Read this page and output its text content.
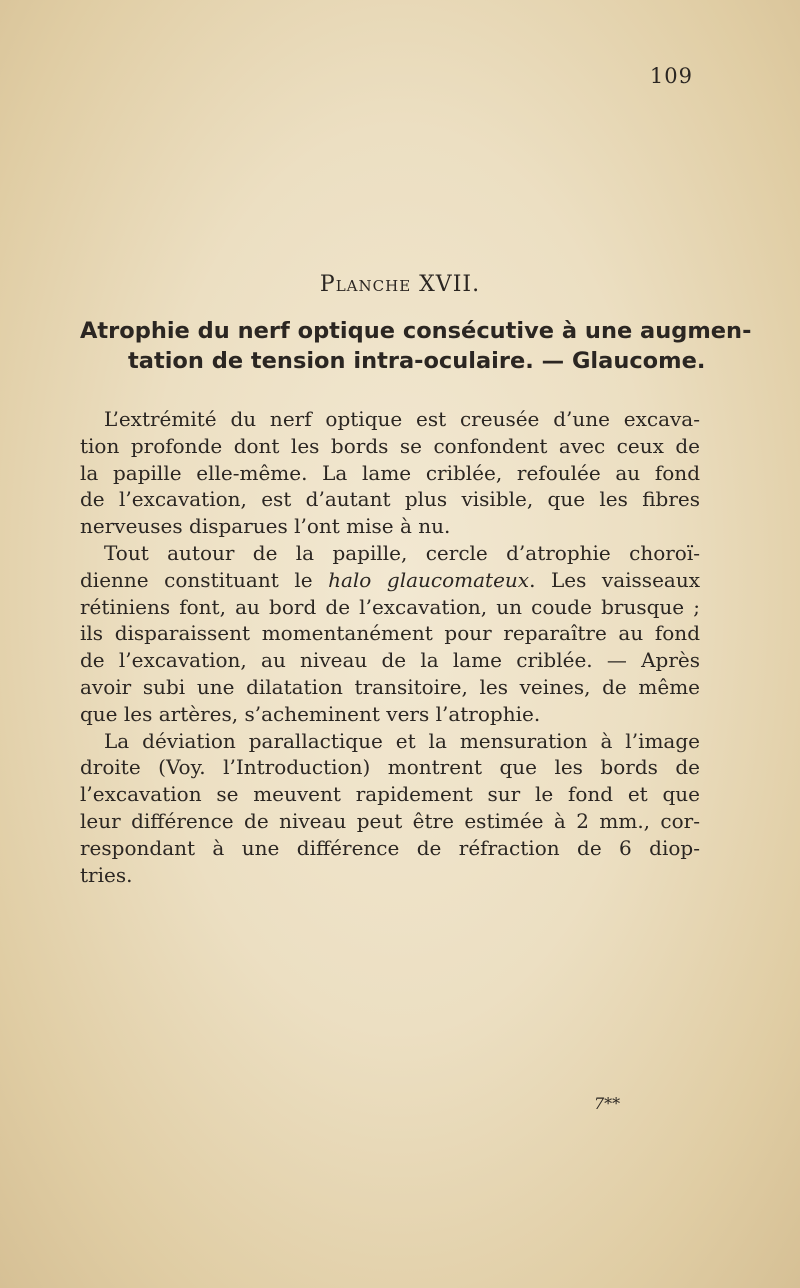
109
Planche XVII.
Atrophie du nerf optique consécutive à une augmen-
tation de tension intra-oculaire. — Glaucome.
L’extrémité du nerf optique est creusée d’une excava-
tion profonde dont les bords se confondent avec ceux de
la papille elle-même. La lame criblée, refoulée au fond
de l’excavation, est d’autant plus visible, que les fibres
nerveuses disparues l’ont mise à nu.
Tout autour de la papille, cercle d’atrophie choroï-
dienne constituant le halo glaucomateux. Les vaisseaux
rétiniens font, au bord de l’excavation, un coude brusque ;
ils disparaissent momentanément pour reparaître au fond
de l’excavation, au niveau de la lame criblée. — Après
avoir subi une dilatation transitoire, les veines, de même
que les artères, s’acheminent vers l’atrophie.
La déviation parallactique et la mensuration à l’image
droite (Voy. l’Introduction) montrent que les bords de
l’excavation se meuvent rapidement sur le fond et que
leur différence de niveau peut être estimée à 2 mm., cor-
respondant à une différence de réfraction de 6 diop-
tries.
7**
